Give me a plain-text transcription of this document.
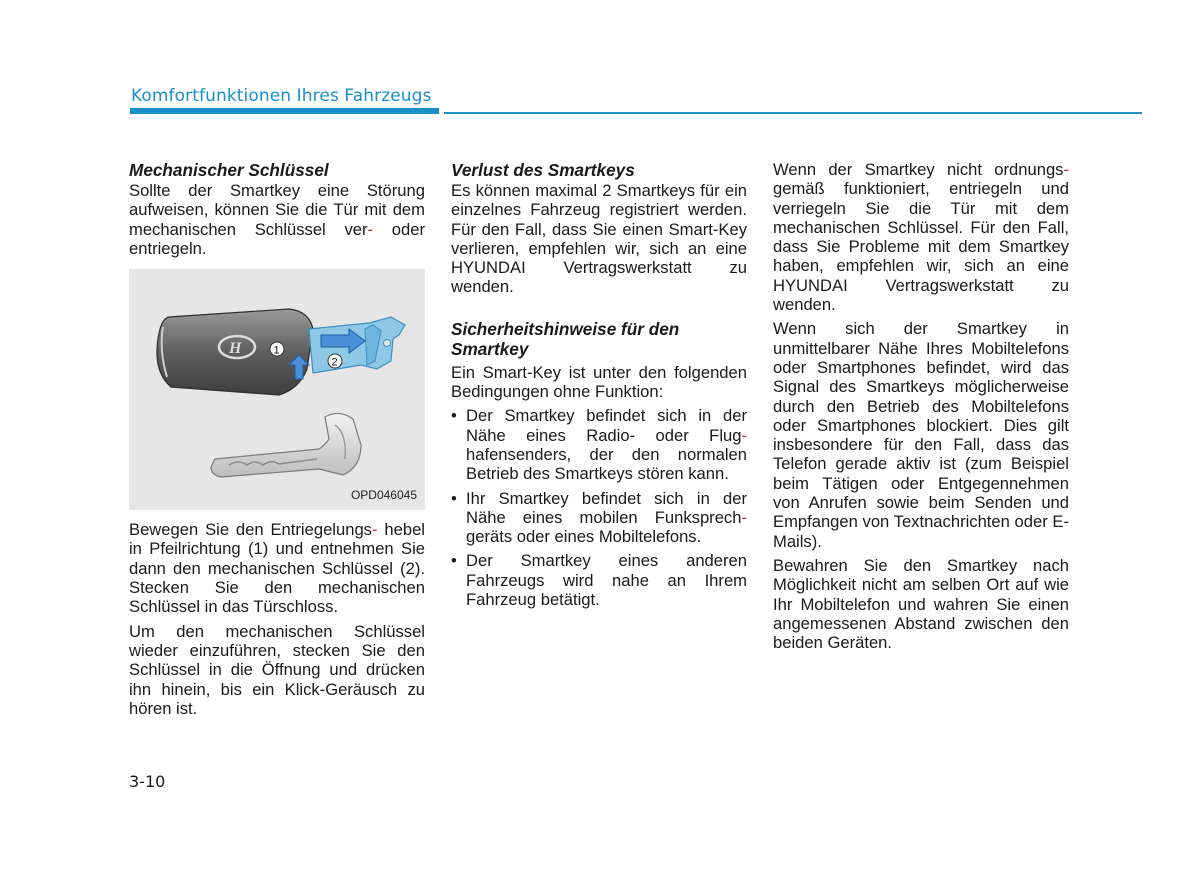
Komfortfunktionen Ihres Fahrzeugs
Mechanischer Schlüssel

Sollte der Smartkey eine Störung aufweisen, können Sie die Tür mit dem mechanischen Schlüssel ver- oder entriegeln.

H	1
2
OPD046045

Bewegen Sie den Entriegelungs- hebel in Pfeilrichtung (1) und entnehmen Sie dann den mechanischen Schlüssel (2). Stecken Sie den mechanischen Schlüssel in das Türschloss.

Um den mechanischen Schlüssel wieder einzuführen, stecken Sie den Schlüssel in die Öffnung und drücken ihn hinein, bis ein Klick-Geräusch zu hören ist.

Verlust des Smartkeys

Es können maximal 2 Smartkeys für ein einzelnes Fahrzeug registriert werden. Für den Fall, dass Sie einen Smart-Key verlieren, empfehlen wir, sich an eine HYUNDAI Vertragswerkstatt zu wenden.

Sicherheitshinweise für den Smartkey

Ein Smart-Key ist unter den folgenden Bedingungen ohne Funktion:

• Der Smartkey befindet sich in der Nähe eines Radio- oder Flug- hafensenders, der den normalen Betrieb des Smartkeys stören kann.
• Ihr Smartkey befindet sich in der Nähe eines mobilen Funksprech- geräts oder eines Mobiltelefons.
• Der Smartkey eines anderen Fahrzeugs wird nahe an Ihrem Fahrzeug betätigt.

Wenn der Smartkey nicht ordnungs- gemäß funktioniert, entriegeln und verriegeln Sie die Tür mit dem mechanischen Schlüssel. Für den Fall, dass Sie Probleme mit dem Smartkey haben, empfehlen wir, sich an eine HYUNDAI Vertragswerkstatt zu wenden.

Wenn sich der Smartkey in unmittelbarer Nähe Ihres Mobiltelefons oder Smartphones befindet, wird das Signal des Smartkeys möglicherweise durch den Betrieb des Mobiltelefons oder Smartphones blockiert. Dies gilt insbesondere für den Fall, dass das Telefon gerade aktiv ist (zum Beispiel beim Tätigen oder Entgegennehmen von Anrufen sowie beim Senden und Empfangen von Textnachrichten oder E-Mails).

Bewahren Sie den Smartkey nach Möglichkeit nicht am selben Ort auf wie Ihr Mobiltelefon und wahren Sie einen angemessenen Abstand zwischen den beiden Geräten.

3-10
